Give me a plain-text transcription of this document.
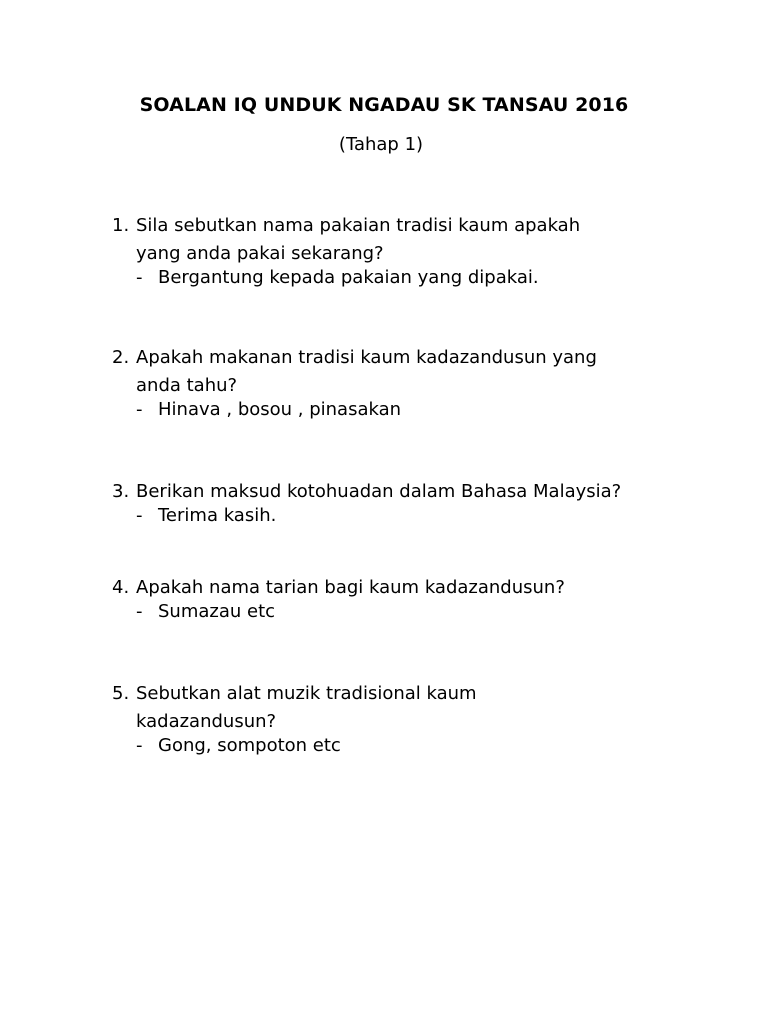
SOALAN IQ UNDUK NGADAU SK TANSAU 2016
(Tahap 1)
1. Sila sebutkan nama pakaian tradisi kaum apakah
yang anda pakai sekarang?
- Bergantung kepada pakaian yang dipakai.
2. Apakah makanan tradisi kaum kadazandusun yang
anda tahu?
- Hinava , bosou , pinasakan
3. Berikan maksud kotohuadan dalam Bahasa Malaysia?
- Terima kasih.
4. Apakah nama tarian bagi kaum kadazandusun?
- Sumazau etc
5. Sebutkan alat muzik tradisional kaum
kadazandusun?
- Gong, sompoton etc
